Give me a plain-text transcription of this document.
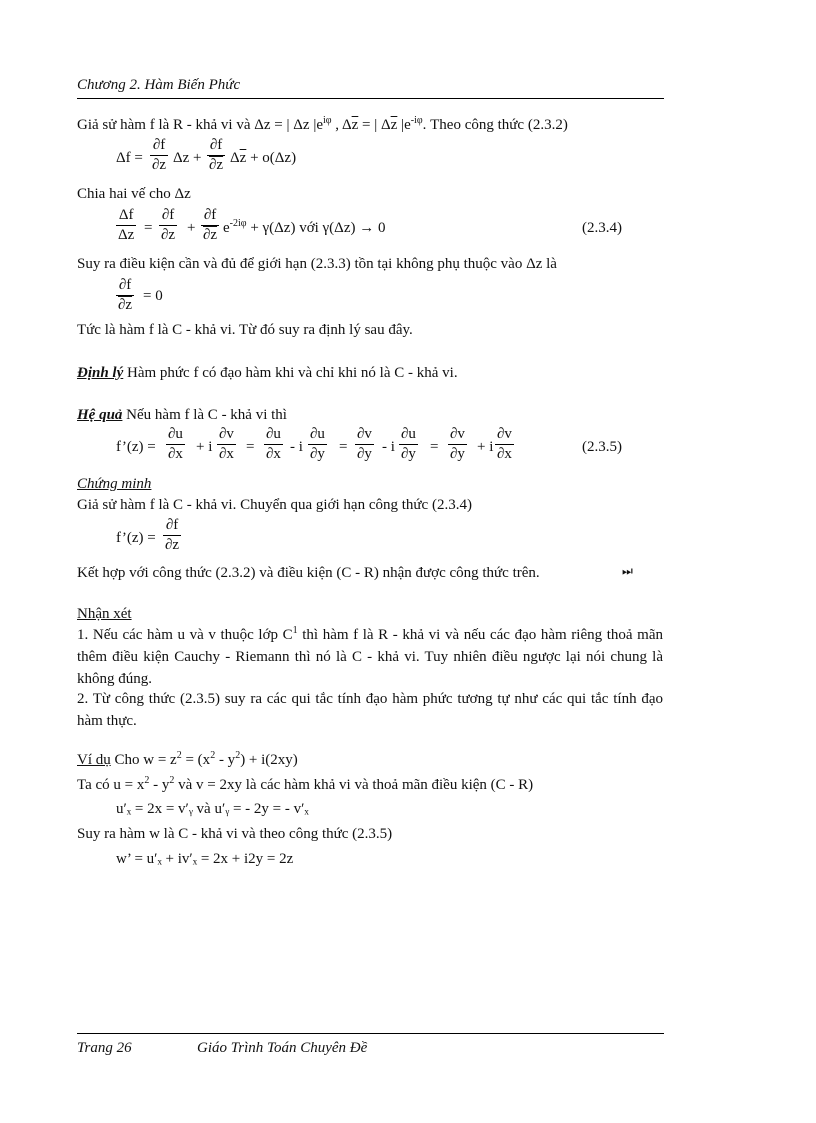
Chương 2. Hàm Biến Phức
Giả sử hàm f là R - khả vi và Δz = | Δz $|e^{i\varphi}$ , $\Delta\overline{z}$ = | $\Delta\overline{z}$ $|e^{-i\varphi}$. Theo công thức (2.3.2)
$\Delta f = \frac{\partial f}{\partial z}$ $\Delta z + \frac{\partial f}{\partial z} \Delta\overline{z} + o(\Delta z)$
Chia hai vế cho Δz
$\frac{\Delta f}{\Delta z} = \frac{\partial f}{\partial z} + \frac{\partial f}{\partial z} e^{-2i\varphi} + \gamma(\Delta z)$ với γ(Δz) → 0	(2.3.4)
Suy ra điều kiện cần và đủ để giới hạn (2.3.3) tồn tại không phụ thuộc vào Δz là
$\frac{\partial f}{\partial z} = 0$
Tức là hàm f là C - khả vi. Từ đó suy ra định lý sau đây.
Định lý Hàm phức f có đạo hàm khi và chỉ khi nó là C - khả vi.
Hệ quả Nếu hàm f là C - khả vi thì
f’(z) = $\frac{\partial u}{\partial x} + i \frac{\partial v}{\partial x} = \frac{\partial u}{\partial x} - i \frac{\partial u}{\partial y} = \frac{\partial v}{\partial y} - i \frac{\partial u}{\partial y} = \frac{\partial v}{\partial y} + i \frac{\partial v}{\partial x}$	(2.3.5)
Chứng minh
Giả sử hàm f là C - khả vi. Chuyển qua giới hạn công thức (2.3.4)
f’(z) = $\frac{\partial f}{\partial z}$
Kết hợp với công thức (2.3.2) và điều kiện (C - R) nhận được công thức trên.	⏭
Nhận xét
1. Nếu các hàm u và v thuộc lớp $C^1$ thì hàm f là R - khả vi và nếu các đạo hàm riêng thoả mãn thêm điều kiện Cauchy - Riemann thì nó là C - khả vi. Tuy nhiên điều ngược lại nói chung là không đúng.
2. Từ công thức (2.3.5) suy ra các qui tắc tính đạo hàm phức tương tự như các qui tắc tính đạo hàm thực.
Ví dụ Cho $w = z^2 = (x^2 - y^2) + i(2xy)$
Ta có $u = x^2 - y^2$ và v = 2xy là các hàm khả vi và thoả mãn điều kiện (C - R)
u′ₓ = 2x = v′ᵧ và u′ᵧ = - 2y = - v′ₓ
Suy ra hàm w là C - khả vi và theo công thức (2.3.5)
w’ = u′ₓ + iv′ₓ = 2x + i2y = 2z
Trang 26	Giáo Trình Toán Chuyên Đề
